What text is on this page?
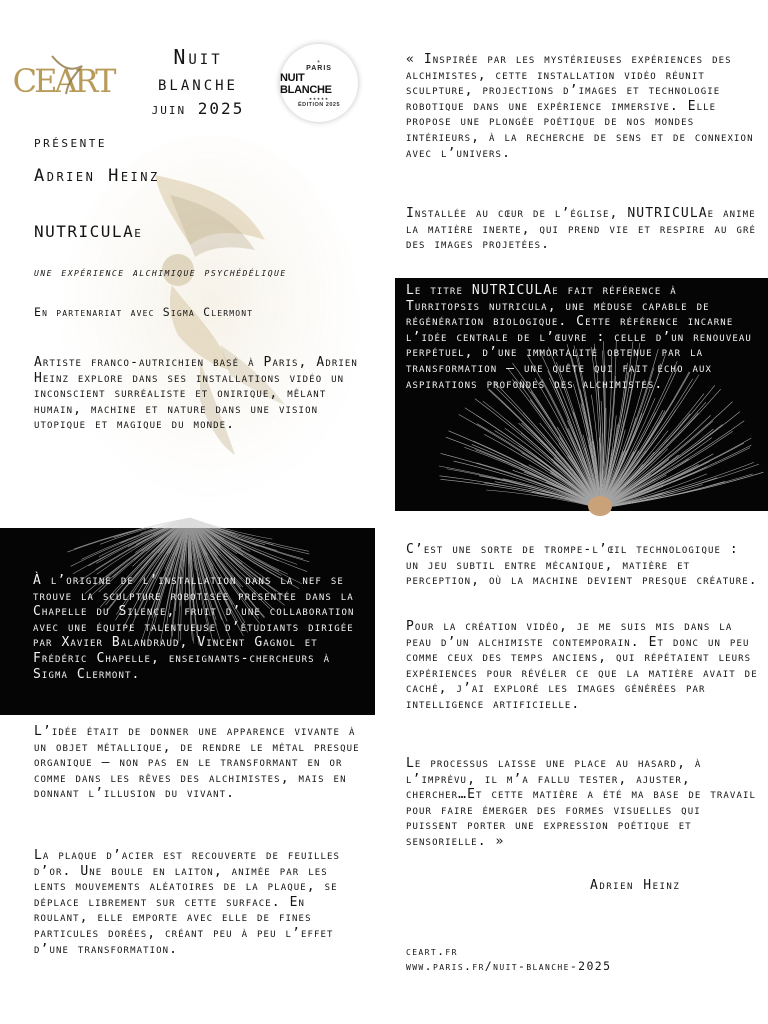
CEART
Nuit
blanche
juin 2025
⚜
PARIS
NUIT BLANCHE
★★★★★
ÉDITION 2025
présente
Adrien Heinz
NUTRICULAe
une expérience alchimique psychédélique
En partenariat avec Sigma Clermont

Artiste franco-autrichien basé à Paris, Adrien Heinz explore dans ses installations vidéo un inconscient surréaliste et onirique, mêlant humain, machine et nature dans une vision utopique et magique du monde.

« Inspirée par les mystérieuses expériences des alchimistes, cette installation vidéo réunit sculpture, projections d’images et technologie robotique dans une expérience immersive. Elle propose une plongée poétique de nos mondes intérieurs, à la recherche de sens et de connexion avec l’univers.

Installée au cœur de l’église, NUTRICULAe anime la matière inerte, qui prend vie et respire au gré des images projetées.

Le titre NUTRICULAe fait référence à Turritopsis nutricula, une méduse capable de régénération biologique. Cette référence incarne l’idée centrale de l’œuvre : celle d’un renouveau perpétuel, d’une immortalité obtenue par la transformation — une quête qui fait écho aux aspirations profondes des alchimistes.

À l’origine de l’installation dans la nef se trouve la sculpture robotisée présentée dans la Chapelle du Silence, fruit d’une collaboration avec une équipe talentueuse d’étudiants dirigée par Xavier Balandraud, Vincent Gagnol et Frédéric Chapelle, enseignants-chercheurs à Sigma Clermont.

L’idée était de donner une apparence vivante à un objet métallique, de rendre le métal presque organique — non pas en le transformant en or comme dans les rêves des alchimistes, mais en donnant l’illusion du vivant.

La plaque d’acier est recouverte de feuilles d’or. Une boule en laiton, animée par les lents mouvements aléatoires de la plaque, se déplace librement sur cette surface. En roulant, elle emporte avec elle de fines particules dorées, créant peu à peu l’effet d’une transformation.

C’est une sorte de trompe-l’œil technologique : un jeu subtil entre mécanique, matière et perception, où la machine devient presque créature.

Pour la création vidéo, je me suis mis dans la peau d’un alchimiste contemporain. Et donc un peu comme ceux des temps anciens, qui répétaient leurs expériences pour révéler ce que la matière avait de caché, j’ai exploré les images générées par intelligence artificielle.

Le processus laisse une place au hasard, à l’imprévu, il m’a fallu tester, ajuster, chercher…Et cette matière a été ma base de travail pour faire émerger des formes visuelles qui puissent porter une expression poétique et sensorielle. »

Adrien Heinz
ceart.fr
www.paris.fr/nuit-blanche-2025
